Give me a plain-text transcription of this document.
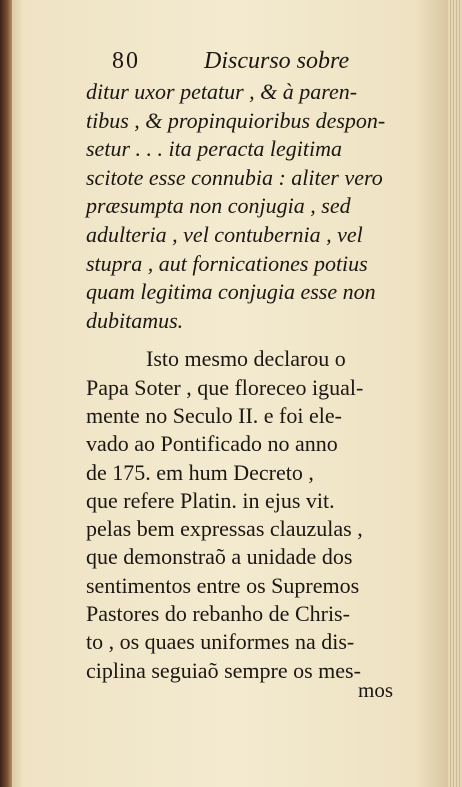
80	Discurso sobre
ditur uxor petatur , & à paren-
tibus , & propinquioribus despon-
setur . . . ita peracta legitima
scitote esse connubia : aliter vero
præsumpta non conjugia , sed
adulteria , vel contubernia , vel
stupra , aut fornicationes potius
quam legitima conjugia esse non
dubitamus.
Isto mesmo declarou o
Papa Soter , que floreceo igual-
mente no Seculo II. e foi ele-
vado ao Pontificado no anno
de 175. em hum Decreto ,
que refere Platin. in ejus vit.
pelas bem expressas clauzulas ,
que demonstraõ a unidade dos
sentimentos entre os Supremos
Pastores do rebanho de Chris-
to , os quaes uniformes na dis-
ciplina seguiaõ sempre os mes-
mos
